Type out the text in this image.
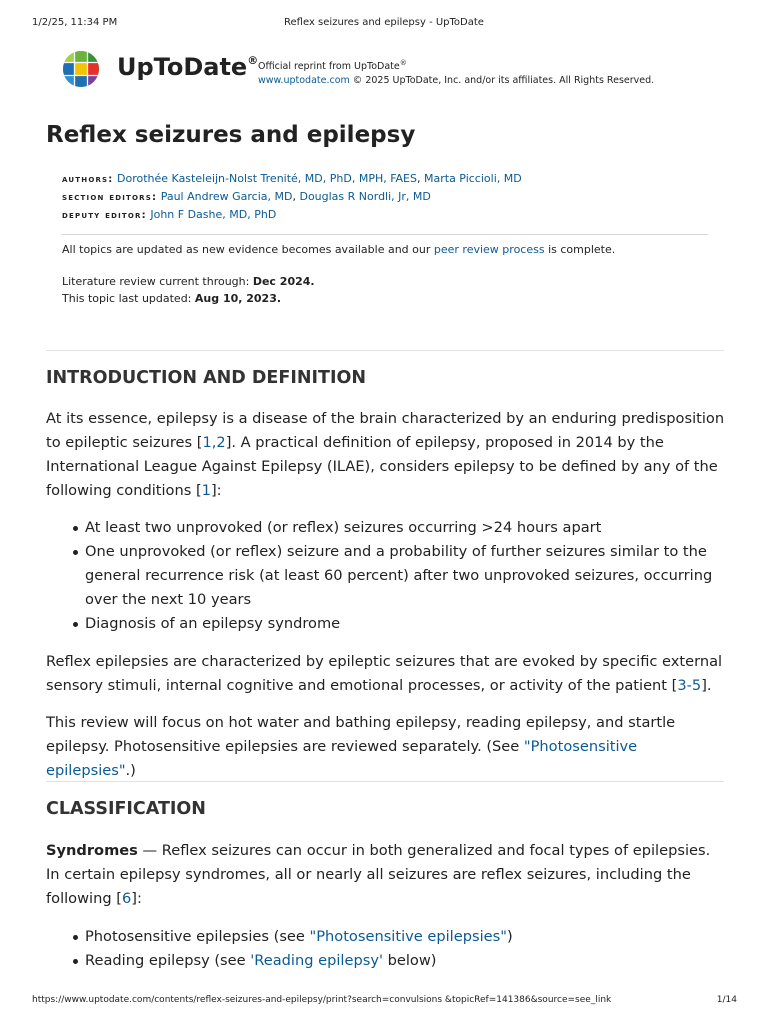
1/2/25, 11:34 PM	Reflex seizures and epilepsy - UpToDate
UpToDate® Official reprint from UpToDate®
www.uptodate.com © 2025 UpToDate, Inc. and/or its affiliates. All Rights Reserved.
Reflex seizures and epilepsy
authors: Dorothée Kasteleijn-Nolst Trenité, MD, PhD, MPH, FAES, Marta Piccioli, MD
section editors: Paul Andrew Garcia, MD, Douglas R Nordli, Jr, MD
deputy editor: John F Dashe, MD, PhD
All topics are updated as new evidence becomes available and our peer review process is complete.
Literature review current through: Dec 2024.
This topic last updated: Aug 10, 2023.
INTRODUCTION AND DEFINITION

At its essence, epilepsy is a disease of the brain characterized by an enduring predisposition to epileptic seizures [1,2]. A practical definition of epilepsy, proposed in 2014 by the International League Against Epilepsy (ILAE), considers epilepsy to be defined by any of the following conditions [1]:

At least two unprovoked (or reflex) seizures occurring >24 hours apart
One unprovoked (or reflex) seizure and a probability of further seizures similar to the general recurrence risk (at least 60 percent) after two unprovoked seizures, occurring over the next 10 years
Diagnosis of an epilepsy syndrome

Reflex epilepsies are characterized by epileptic seizures that are evoked by specific external sensory stimuli, internal cognitive and emotional processes, or activity of the patient [3-5].

This review will focus on hot water and bathing epilepsy, reading epilepsy, and startle epilepsy. Photosensitive epilepsies are reviewed separately. (See "Photosensitive epilepsies".)

CLASSIFICATION

Syndromes — Reflex seizures can occur in both generalized and focal types of epilepsies. In certain epilepsy syndromes, all or nearly all seizures are reflex seizures, including the following [6]:

Photosensitive epilepsies (see "Photosensitive epilepsies")
Reading epilepsy (see 'Reading epilepsy' below)
https://www.uptodate.com/contents/reflex-seizures-and-epilepsy/print?search=convulsions &topicRef=141386&source=see_link	1/14
